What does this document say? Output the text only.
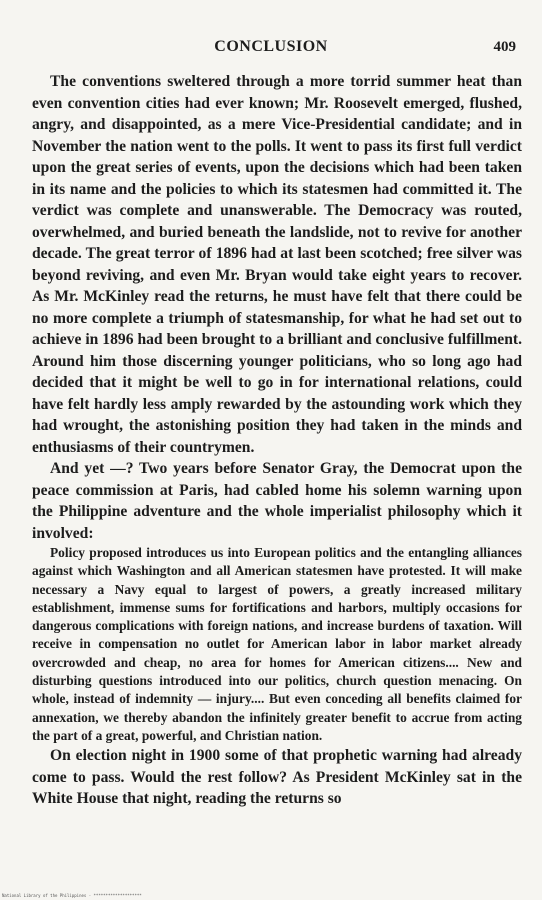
CONCLUSION	409

The conventions sweltered through a more torrid summer heat than even convention cities had ever known; Mr. Roosevelt emerged, flushed, angry, and disappointed, as a mere Vice-Presidential candidate; and in November the nation went to the polls. It went to pass its first full verdict upon the great series of events, upon the decisions which had been taken in its name and the policies to which its statesmen had committed it. The verdict was complete and unanswerable. The Democracy was routed, overwhelmed, and buried beneath the landslide, not to revive for another decade. The great terror of 1896 had at last been scotched; free silver was beyond reviving, and even Mr. Bryan would take eight years to recover. As Mr. McKinley read the returns, he must have felt that there could be no more complete a triumph of statesmanship, for what he had set out to achieve in 1896 had been brought to a brilliant and conclusive fulfillment. Around him those discerning younger politicians, who so long ago had decided that it might be well to go in for international relations, could have felt hardly less amply rewarded by the astounding work which they had wrought, the astonishing position they had taken in the minds and enthusiasms of their countrymen.

And yet —? Two years before Senator Gray, the Democrat upon the peace commission at Paris, had cabled home his solemn warning upon the Philippine adventure and the whole imperialist philosophy which it involved:

Policy proposed introduces us into European politics and the entangling alliances against which Washington and all American statesmen have protested. It will make necessary a Navy equal to largest of powers, a greatly increased military establishment, immense sums for fortifications and harbors, multiply occasions for dangerous complications with foreign nations, and increase burdens of taxation. Will receive in compensation no outlet for American labor in labor market already overcrowded and cheap, no area for homes for American citizens.... New and disturbing questions introduced into our politics, church question menacing. On whole, instead of indemnity — injury.... But even conceding all benefits claimed for annexation, we thereby abandon the infinitely greater benefit to accrue from acting the part of a great, powerful, and Christian nation.

On election night in 1900 some of that prophetic warning had already come to pass. Would the rest follow? As President McKinley sat in the White House that night, reading the returns so

National Library of the Philippines · ********************
